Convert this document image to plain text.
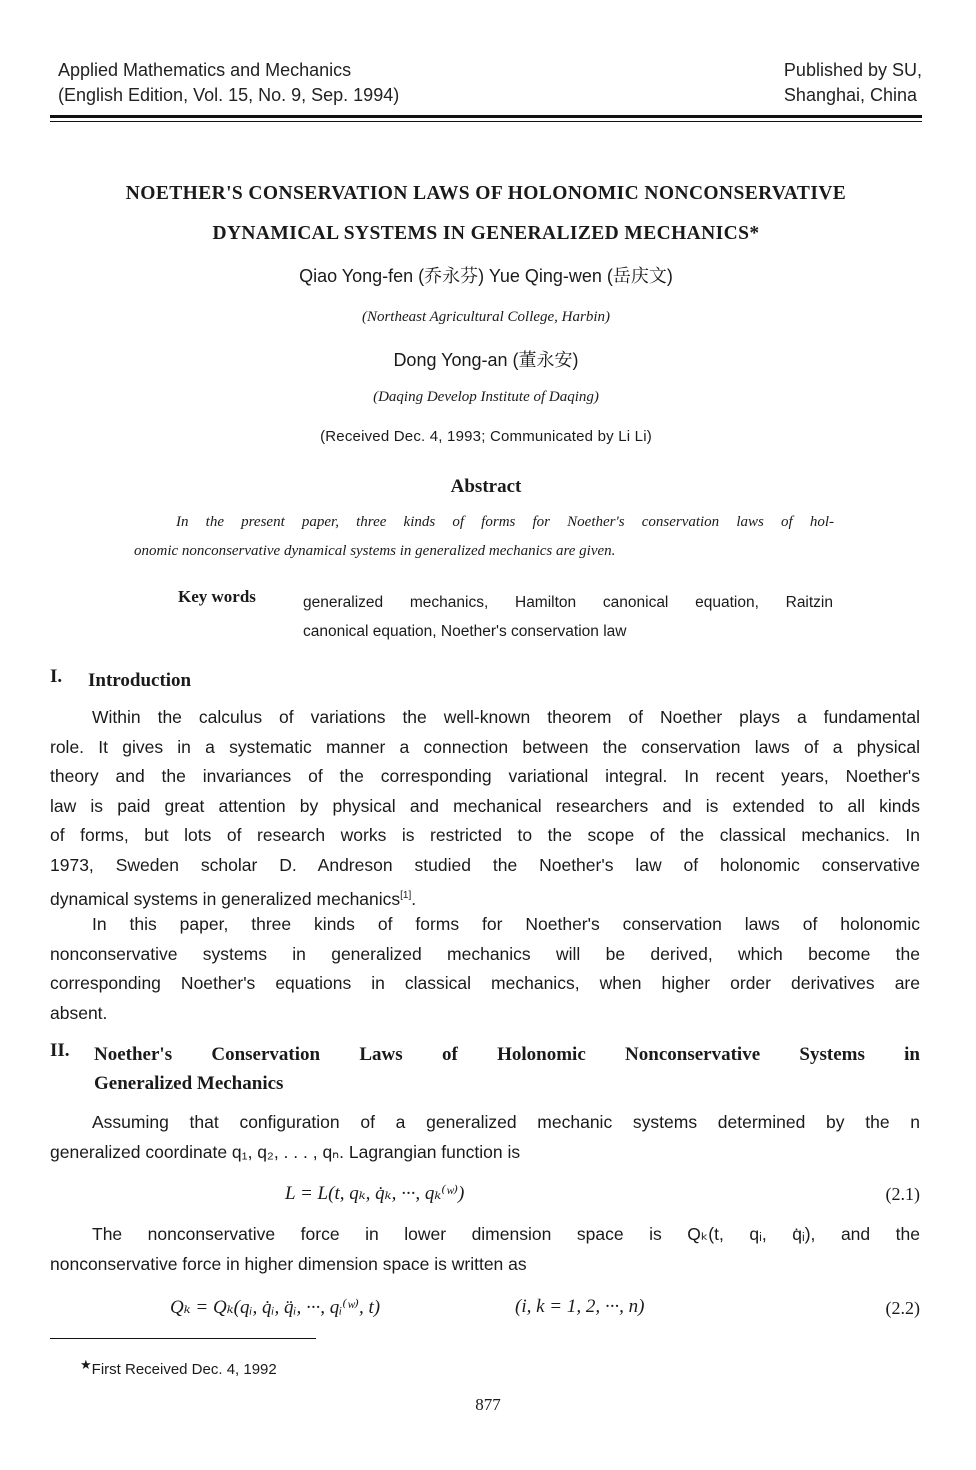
Applied Mathematics and Mechanics
(English Edition, Vol. 15, No. 9, Sep. 1994)
Published by SU,
Shanghai, China
NOETHER'S CONSERVATION LAWS OF HOLONOMIC NONCONSERVATIVE
DYNAMICAL SYSTEMS IN GENERALIZED MECHANICS*
Qiao Yong-fen (乔永芬) Yue Qing-wen (岳庆文)
(Northeast Agricultural College, Harbin)
Dong Yong-an (董永安)
(Daqing Develop Institute of Daqing)
(Received Dec. 4, 1993; Communicated by Li Li)
Abstract
In the present paper, three kinds of forms for Noether's conservation laws of hol-
onomic nonconservative dynamical systems in generalized mechanics are given.
Key words	generalized mechanics, Hamilton canonical equation, Raitzin
canonical equation, Noether's conservation law
I. Introduction
Within the calculus of variations the well-known theorem of Noether plays a fundamental
role. It gives in a systematic manner a connection between the conservation laws of a physical
theory and the invariances of the corresponding variational integral. In recent years, Noether's
law is paid great attention by physical and mechanical researchers and is extended to all kinds
of forms, but lots of research works is restricted to the scope of the classical mechanics. In
1973, Sweden scholar D. Andreson studied the Noether's law of holonomic conservative
dynamical systems in generalized mechanics[1].
In this paper, three kinds of forms for Noether's conservation laws of holonomic
nonconservative systems in generalized mechanics will be derived, which become the
corresponding Noether's equations in classical mechanics, when higher order derivatives are
absent.
II. Noether's Conservation Laws of Holonomic Nonconservative Systems in
Generalized Mechanics
Assuming that configuration of a generalized mechanic systems determined by the n
generalized coordinate q₁, q₂, . . . , qₙ. Lagrangian function is
L = L(t, qₖ, q̇ₖ, ···, qₖ⁽ʷ⁾)	(2.1)
The nonconservative force in lower dimension space is Qₖ(t, qᵢ, q̇ᵢ), and the
nonconservative force in higher dimension space is written as
Qₖ = Qₖ(qᵢ, q̇ᵢ, q̈ᵢ, ···, qᵢ⁽ʷ⁾, t)	(i, k = 1, 2, ···, n)	(2.2)
★First Received Dec. 4, 1992
877
